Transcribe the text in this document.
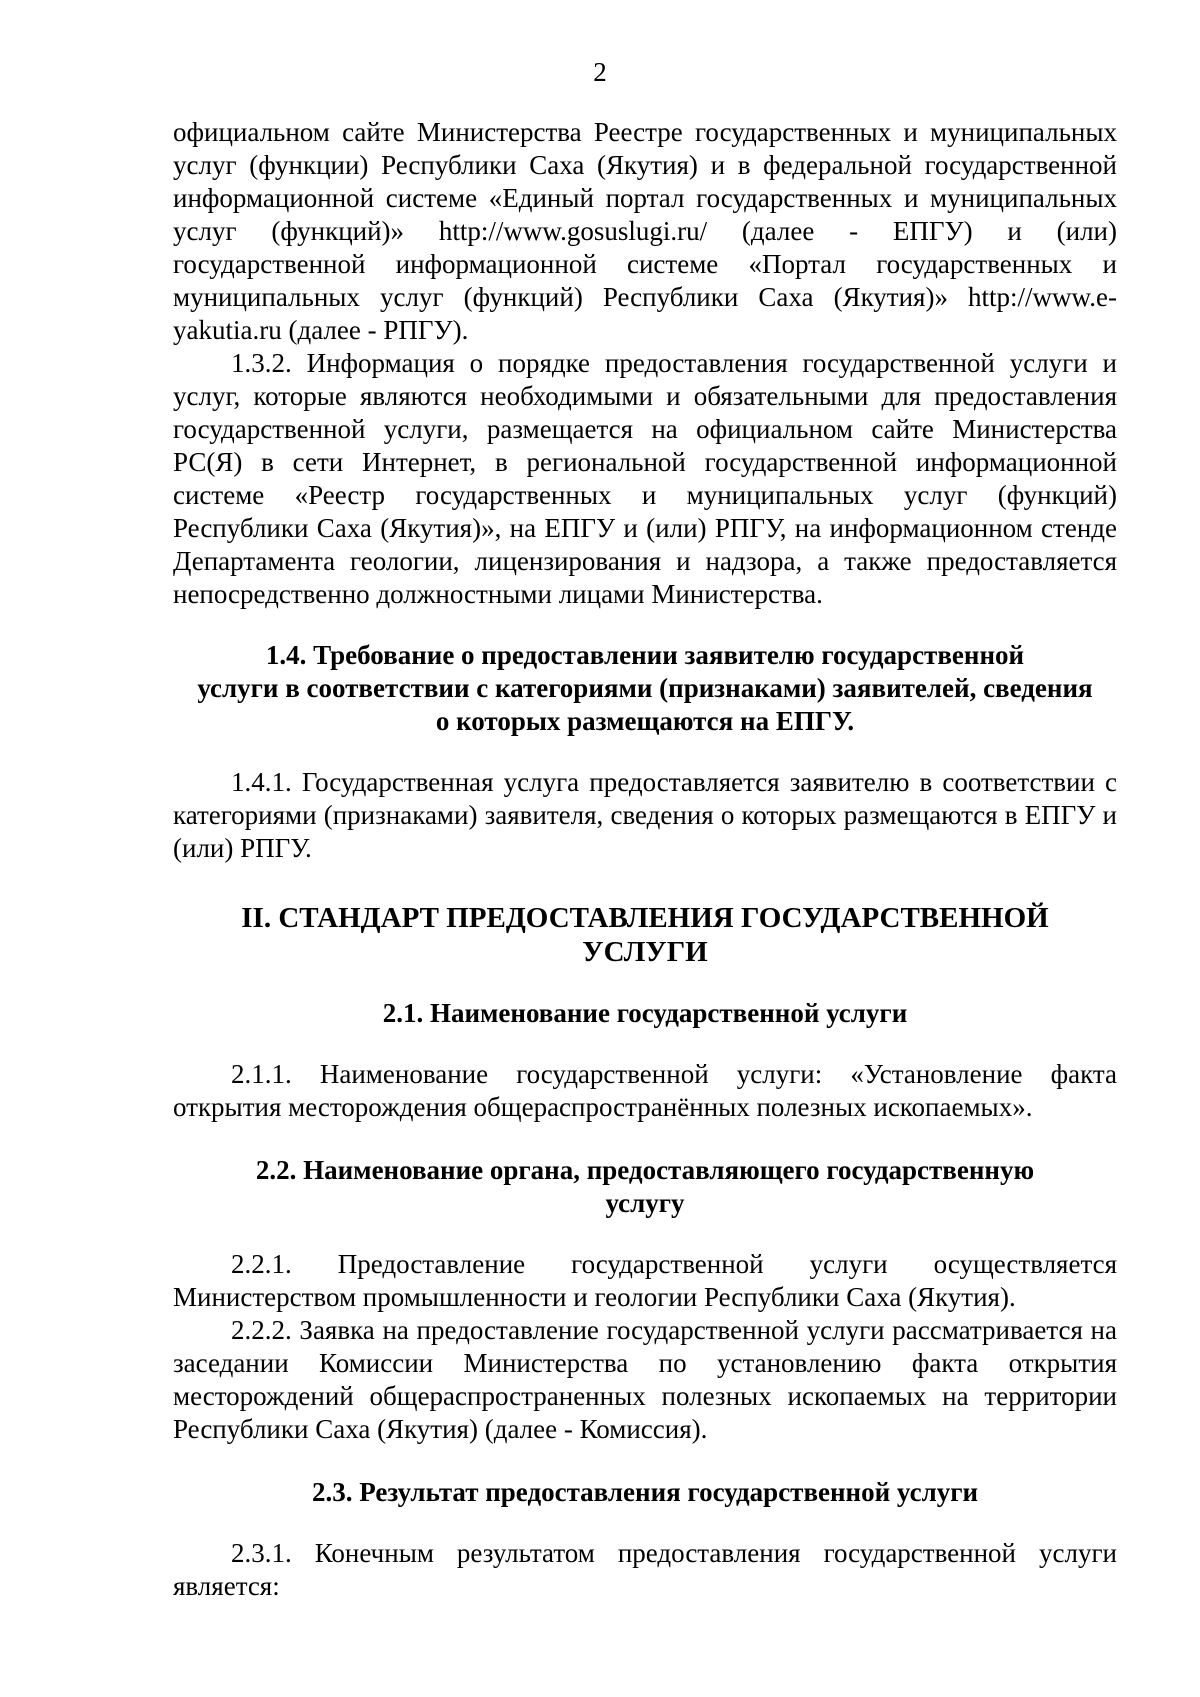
2

официальном сайте Министерства Реестре государственных и муниципальных услуг (функции) Республики Саха (Якутия) и в федеральной государственной информационной системе «Единый портал государственных и муниципальных услуг (функций)» http://www.gosuslugi.ru/ (далее - ЕПГУ) и (или) государственной информационной системе «Портал государственных и муниципальных услуг (функций) Республики Саха (Якутия)» http://www.e-yakutia.ru (далее - РПГУ).

1.3.2. Информация о порядке предоставления государственной услуги и услуг, которые являются необходимыми и обязательными для предоставления государственной услуги, размещается на официальном сайте Министерства РС(Я) в сети Интернет, в региональной государственной информационной системе «Реестр государственных и муниципальных услуг (функций) Республики Саха (Якутия)», на ЕПГУ и (или) РПГУ, на информационном стенде Департамента геологии, лицензирования и надзора, а также предоставляется непосредственно должностными лицами Министерства.

1.4. Требование о предоставлении заявителю государственной
услуги в соответствии с категориями (признаками) заявителей, сведения
о которых размещаются на ЕПГУ.

1.4.1. Государственная услуга предоставляется заявителю в соответствии с категориями (признаками) заявителя, сведения о которых размещаются в ЕПГУ и (или) РПГУ.

II. СТАНДАРТ ПРЕДОСТАВЛЕНИЯ ГОСУДАРСТВЕННОЙ
УСЛУГИ
2.1. Наименование государственной услуги

2.1.1. Наименование государственной услуги: «Установление факта открытия месторождения общераспространённых полезных ископаемых».

2.2. Наименование органа, предоставляющего государственную
услугу

2.2.1. Предоставление государственной услуги осуществляется Министерством промышленности и геологии Республики Саха (Якутия).

2.2.2. Заявка на предоставление государственной услуги рассматривается на заседании Комиссии Министерства по установлению факта открытия месторождений общераспространенных полезных ископаемых на территории Республики Саха (Якутия) (далее - Комиссия).

2.3. Результат предоставления государственной услуги

2.3.1. Конечным результатом предоставления государственной услуги является:
